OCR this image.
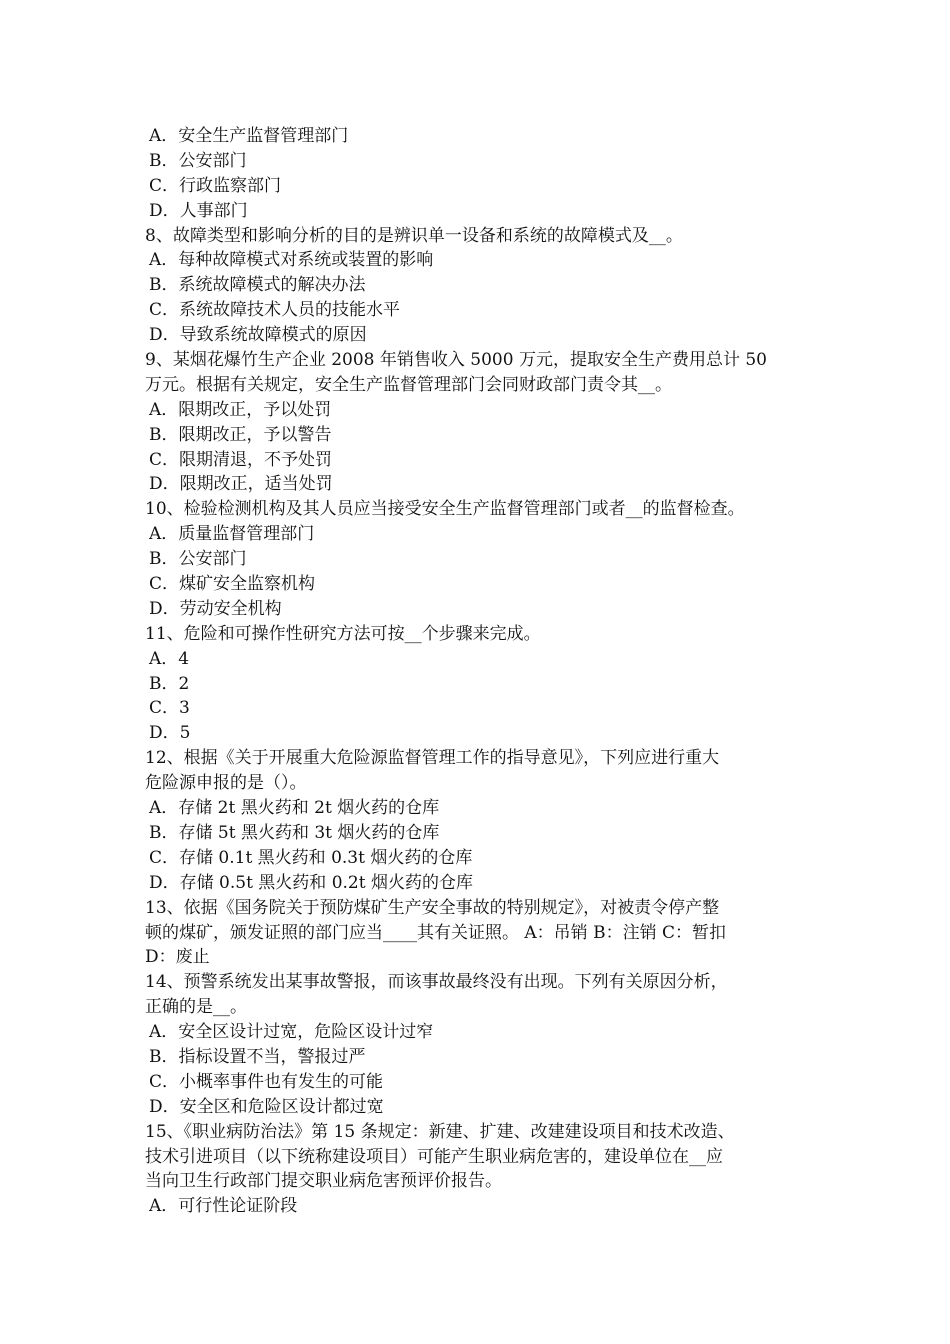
A．安全生产监督管理部门
B．公安部门
C．行政监察部门
D．人事部门
8、故障类型和影响分析的目的是辨识单一设备和系统的故障模式及__。
A．每种故障模式对系统或装置的影响
B．系统故障模式的解决办法
C．系统故障技术人员的技能水平
D．导致系统故障模式的原因
9、某烟花爆竹生产企业 2008 年销售收入 5000 万元，提取安全生产费用总计 50
万元。根据有关规定，安全生产监督管理部门会同财政部门责令其__。
A．限期改正，予以处罚
B．限期改正，予以警告
C．限期清退，不予处罚
D．限期改正，适当处罚
10、检验检测机构及其人员应当接受安全生产监督管理部门或者__的监督检查。
A．质量监督管理部门
B．公安部门
C．煤矿安全监察机构
D．劳动安全机构
11、危险和可操作性研究方法可按__个步骤来完成。
A．4
B．2
C．3
D．5
12、根据《关于开展重大危险源监督管理工作的指导意见》，下列应进行重大
危险源申报的是（）。
A．存储 2t 黑火药和 2t 烟火药的仓库
B．存储 5t 黑火药和 3t 烟火药的仓库
C．存储 0.1t 黑火药和 0.3t 烟火药的仓库
D．存储 0.5t 黑火药和 0.2t 烟火药的仓库
13、依据《国务院关于预防煤矿生产安全事故的特别规定》，对被责令停产整
顿的煤矿，颁发证照的部门应当____其有关证照。 A：吊销 B：注销 C：暂扣
D：废止
14、预警系统发出某事故警报，而该事故最终没有出现。下列有关原因分析，
正确的是__。
A．安全区设计过宽，危险区设计过窄
B．指标设置不当，警报过严
C．小概率事件也有发生的可能
D．安全区和危险区设计都过宽
15、《职业病防治法》第 15 条规定：新建、扩建、改建建设项目和技术改造、
技术引进项目（以下统称建设项目）可能产生职业病危害的，建设单位在__应
当向卫生行政部门提交职业病危害预评价报告。
A．可行性论证阶段
